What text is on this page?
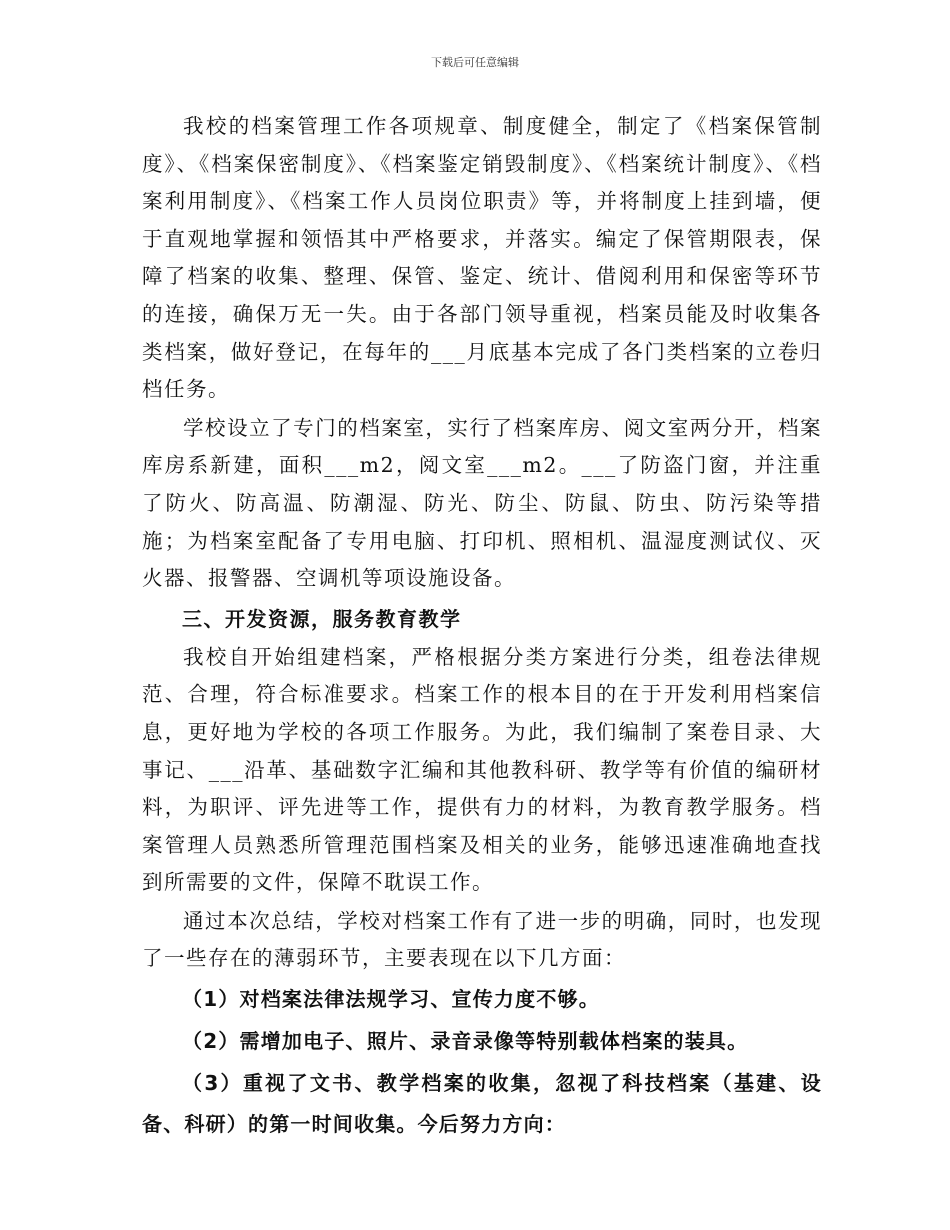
下载后可任意编辑

我校的档案管理工作各项规章、制度健全，制定了《档案保管制度》、《档案保密制度》、《档案鉴定销毁制度》、《档案统计制度》、《档案利用制度》、《档案工作人员岗位职责》等，并将制度上挂到墙，便于直观地掌握和领悟其中严格要求，并落实。编定了保管期限表，保障了档案的收集、整理、保管、鉴定、统计、借阅利用和保密等环节的连接，确保万无一失。由于各部门领导重视，档案员能及时收集各类档案，做好登记，在每年的___月底基本完成了各门类档案的立卷归档任务。

学校设立了专门的档案室，实行了档案库房、阅文室两分开，档案库房系新建，面积___m2，阅文室___m2。___了防盗门窗，并注重了防火、防高温、防潮湿、防光、防尘、防鼠、防虫、防污染等措施；为档案室配备了专用电脑、打印机、照相机、温湿度测试仪、灭火器、报警器、空调机等项设施设备。

三、开发资源，服务教育教学

我校自开始组建档案，严格根据分类方案进行分类，组卷法律规范、合理，符合标准要求。档案工作的根本目的在于开发利用档案信息，更好地为学校的各项工作服务。为此，我们编制了案卷目录、大事记、___沿革、基础数字汇编和其他教科研、教学等有价值的编研材料，为职评、评先进等工作，提供有力的材料，为教育教学服务。档案管理人员熟悉所管理范围档案及相关的业务，能够迅速准确地查找到所需要的文件，保障不耽误工作。

通过本次总结，学校对档案工作有了进一步的明确，同时，也发现了一些存在的薄弱环节，主要表现在以下几方面：

（1）对档案法律法规学习、宣传力度不够。

（2）需增加电子、照片、录音录像等特别载体档案的装具。

（3）重视了文书、教学档案的收集，忽视了科技档案（基建、设备、科研）的第一时间收集。今后努力方向：
